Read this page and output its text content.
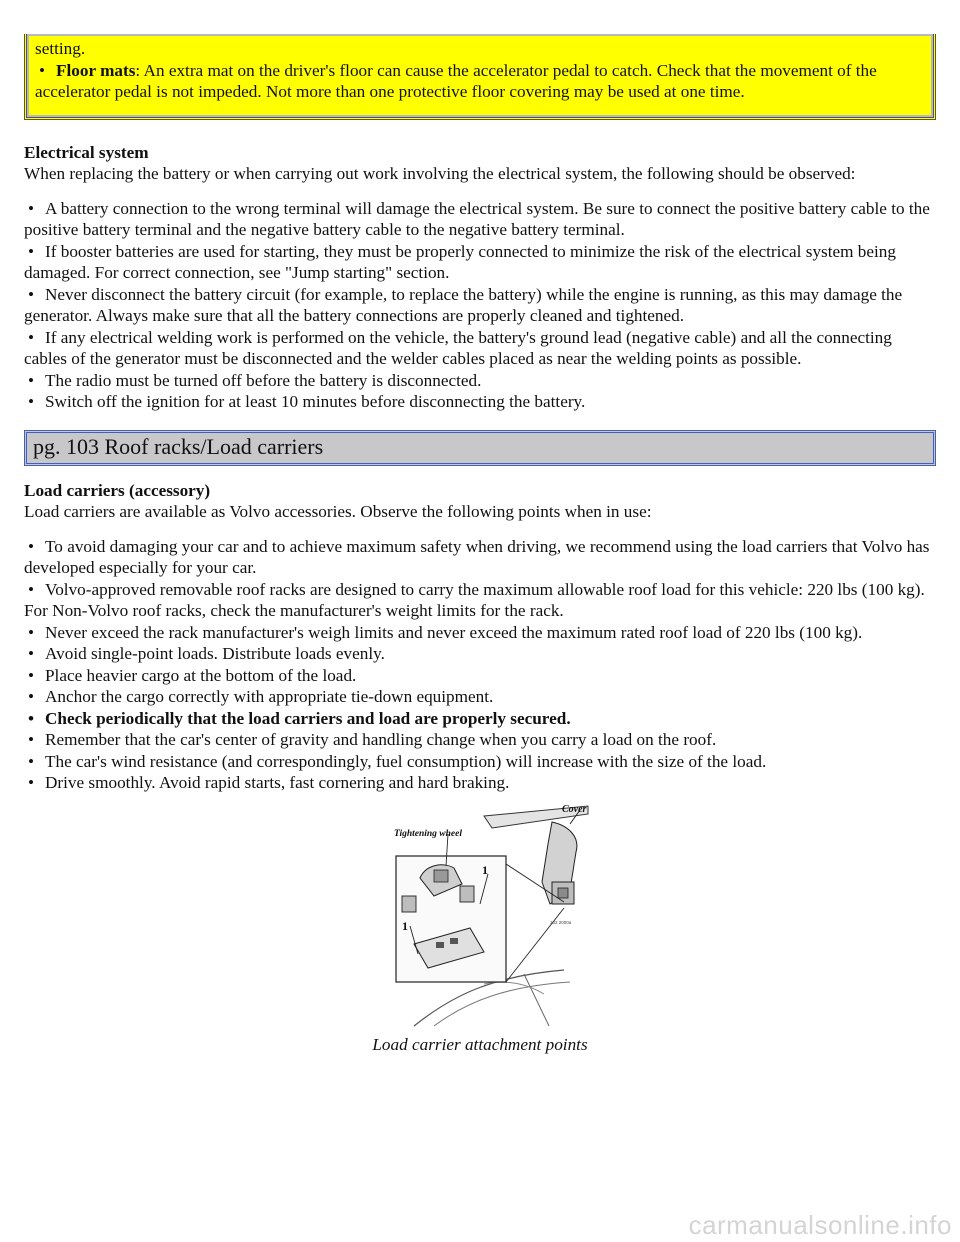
setting.

• Floor mats: An extra mat on the driver's floor can cause the accelerator pedal to catch. Check that the movement of the accelerator pedal is not impeded. Not more than one protective floor covering may be used at one time.

Electrical system

When replacing the battery or when carrying out work involving the electrical system, the following should be observed:

• A battery connection to the wrong terminal will damage the electrical system. Be sure to connect the positive battery cable to the positive battery terminal and the negative battery cable to the negative battery terminal.

• If booster batteries are used for starting, they must be properly connected to minimize the risk of the electrical system being damaged. For correct connection, see "Jump starting" section.

• Never disconnect the battery circuit (for example, to replace the battery) while the engine is running, as this may damage the generator. Always make sure that all the battery connections are properly cleaned and tightened.

• If any electrical welding work is performed on the vehicle, the battery's ground lead (negative cable) and all the connecting cables of the generator must be disconnected and the welder cables placed as near the welding points as possible.

• The radio must be turned off before the battery is disconnected.

• Switch off the ignition for at least 10 minutes before disconnecting the battery.

pg. 103 Roof racks/Load carriers

Load carriers (accessory)

Load carriers are available as Volvo accessories. Observe the following points when in use:

• To avoid damaging your car and to achieve maximum safety when driving, we recommend using the load carriers that Volvo has developed especially for your car.

• Volvo-approved removable roof racks are designed to carry the maximum allowable roof load for this vehicle: 220 lbs (100 kg). For Non-Volvo roof racks, check the manufacturer's weight limits for the rack.

• Never exceed the rack manufacturer's weigh limits and never exceed the maximum rated roof load of 220 lbs (100 kg).

• Avoid single-point loads. Distribute loads evenly.

• Place heavier cargo at the bottom of the load.

• Anchor the cargo correctly with appropriate tie-down equipment.

• Check periodically that the load carriers and load are properly secured.

• Remember that the car's center of gravity and handling change when you carry a load on the roof.

• The car's wind resistance (and correspondingly, fuel consumption) will increase with the size of the load.

• Drive smoothly. Avoid rapid starts, fast cornering and hard braking.

Tightening wheel
Cover
1
1	132 2000a

Load carrier attachment points

carmanualsonline.info
